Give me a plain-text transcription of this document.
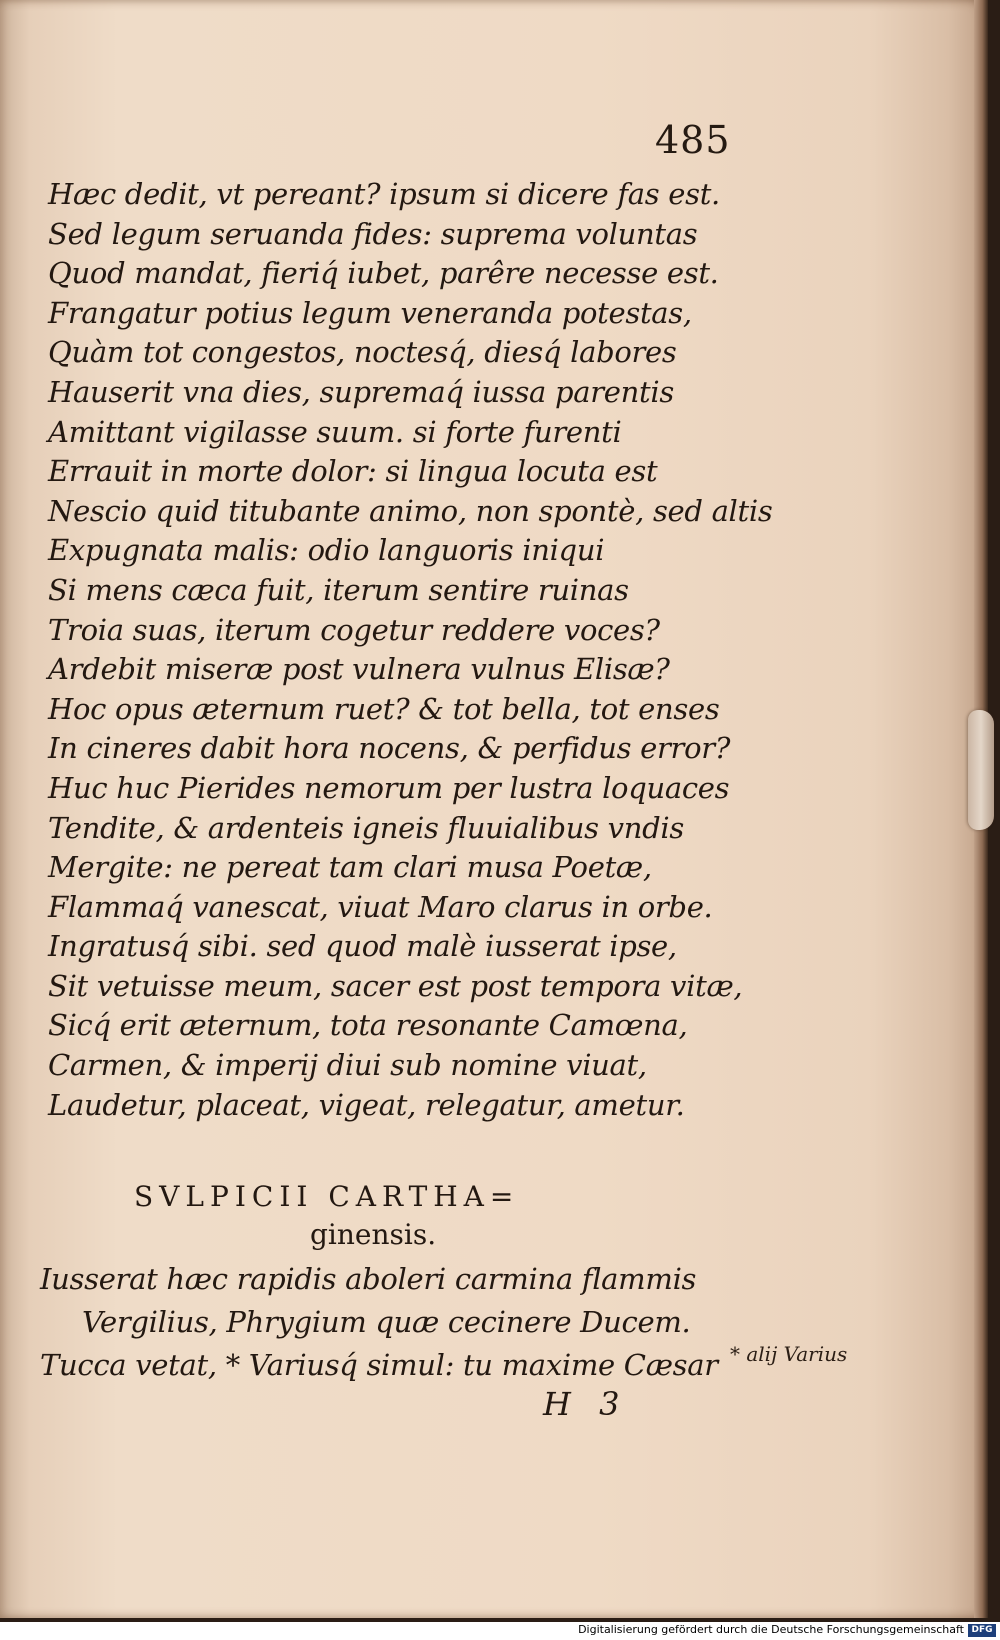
485
Hæc dedit, vt pereant? ipsum si dicere fas est.
Sed legum seruanda fides: suprema voluntas
Quod mandat, fieriq́ iubet, parêre necesse est.
Frangatur potius legum veneranda potestas,
Quàm tot congestos, noctesq́, diesq́ labores
Hauserit vna dies, supremaq́ iussa parentis
Amittant vigilasse suum. si forte furenti
Errauit in morte dolor: si lingua locuta est
Nescio quid titubante animo, non spontè, sed altis
Expugnata malis: odio languoris iniqui
Si mens cæca fuit, iterum sentire ruinas
Troia suas, iterum cogetur reddere voces?
Ardebit miseræ post vulnera vulnus Elisæ?
Hoc opus æternum ruet? & tot bella, tot enses
In cineres dabit hora nocens, & perfidus error?
Huc huc Pierides nemorum per lustra loquaces
Tendite, & ardenteis igneis fluuialibus vndis
Mergite: ne pereat tam clari musa Poetæ,
Flammaq́ vanescat, viuat Maro clarus in orbe.
Ingratusq́ sibi. sed quod malè iusserat ipse,
Sit vetuisse meum, sacer est post tempora vitæ,
Sicq́ erit æternum, tota resonante Camœna,
Carmen, & imperij diui sub nomine viuat,
Laudetur, placeat, vigeat, relegatur, ametur.
SVLPICII CARTHA=
ginensis.
Iusserat hæc rapidis aboleri carmina flammis
Vergilius, Phrygium quæ cecinere Ducem.
Tucca vetat, * Variusq́ simul: tu maxime Cæsar * alij Varius
H 3
Digitalisierung gefördert durch die Deutsche Forschungsgemeinschaft DFG
